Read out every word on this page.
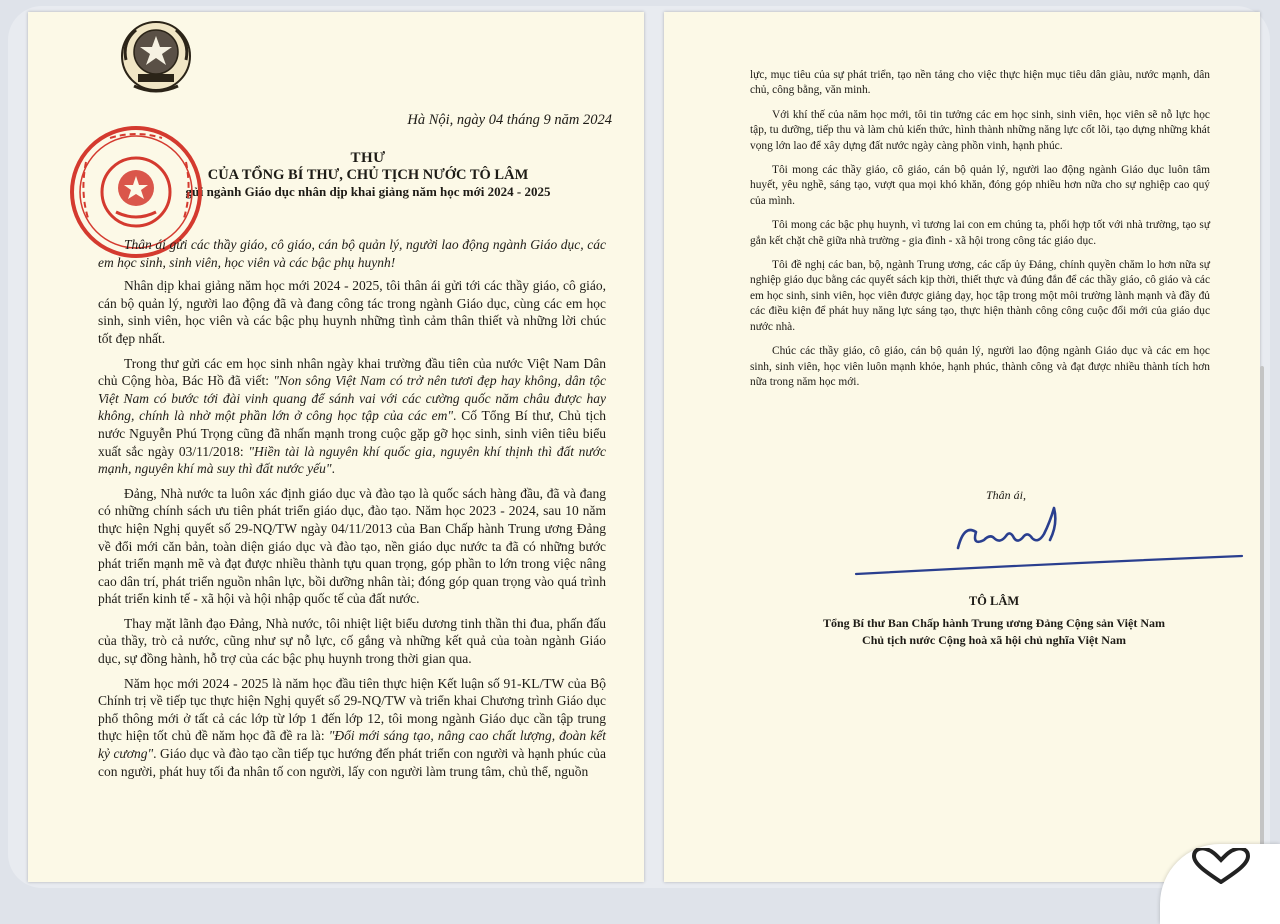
Hà Nội, ngày 04 tháng 9 năm 2024

THƯ
CỦA TỔNG BÍ THƯ, CHỦ TỊCH NƯỚC TÔ LÂM
gửi ngành Giáo dục nhân dịp khai giảng năm học mới 2024 - 2025

Thân ái gửi các thầy giáo, cô giáo, cán bộ quản lý, người lao động ngành Giáo dục, các em học sinh, sinh viên, học viên và các bậc phụ huynh!

Nhân dịp khai giảng năm học mới 2024 - 2025, tôi thân ái gửi tới các thầy giáo, cô giáo, cán bộ quản lý, người lao động đã và đang công tác trong ngành Giáo dục, cùng các em học sinh, sinh viên, học viên và các bậc phụ huynh những tình cảm thân thiết và những lời chúc tốt đẹp nhất.

Trong thư gửi các em học sinh nhân ngày khai trường đầu tiên của nước Việt Nam Dân chủ Cộng hòa, Bác Hồ đã viết: "Non sông Việt Nam có trở nên tươi đẹp hay không, dân tộc Việt Nam có bước tới đài vinh quang để sánh vai với các cường quốc năm châu được hay không, chính là nhờ một phần lớn ở công học tập của các em". Cố Tổng Bí thư, Chủ tịch nước Nguyễn Phú Trọng cũng đã nhấn mạnh trong cuộc gặp gỡ học sinh, sinh viên tiêu biểu xuất sắc ngày 03/11/2018: "Hiền tài là nguyên khí quốc gia, nguyên khí thịnh thì đất nước mạnh, nguyên khí mà suy thì đất nước yếu".

Đảng, Nhà nước ta luôn xác định giáo dục và đào tạo là quốc sách hàng đầu, đã và đang có những chính sách ưu tiên phát triển giáo dục, đào tạo. Năm học 2023 - 2024, sau 10 năm thực hiện Nghị quyết số 29-NQ/TW ngày 04/11/2013 của Ban Chấp hành Trung ương Đảng về đổi mới căn bản, toàn diện giáo dục và đào tạo, nền giáo dục nước ta đã có những bước phát triển mạnh mẽ và đạt được nhiều thành tựu quan trọng, góp phần to lớn trong việc nâng cao dân trí, phát triển nguồn nhân lực, bồi dưỡng nhân tài; đóng góp quan trọng vào quá trình phát triển kinh tế - xã hội và hội nhập quốc tế của đất nước.

Thay mặt lãnh đạo Đảng, Nhà nước, tôi nhiệt liệt biểu dương tinh thần thi đua, phấn đấu của thầy, trò cả nước, cũng như sự nỗ lực, cố gắng và những kết quả của toàn ngành Giáo dục, sự đồng hành, hỗ trợ của các bậc phụ huynh trong thời gian qua.

Năm học mới 2024 - 2025 là năm học đầu tiên thực hiện Kết luận số 91-KL/TW của Bộ Chính trị về tiếp tục thực hiện Nghị quyết số 29-NQ/TW và triển khai Chương trình Giáo dục phổ thông mới ở tất cả các lớp từ lớp 1 đến lớp 12, tôi mong ngành Giáo dục cần tập trung thực hiện tốt chủ đề năm học đã đề ra là: "Đổi mới sáng tạo, nâng cao chất lượng, đoàn kết kỷ cương". Giáo dục và đào tạo cần tiếp tục hướng đến phát triển con người và hạnh phúc của con người, phát huy tối đa nhân tố con người, lấy con người làm trung tâm, chủ thể, nguồn

lực, mục tiêu của sự phát triển, tạo nền tảng cho việc thực hiện mục tiêu dân giàu, nước mạnh, dân chủ, công bằng, văn minh.

Với khí thế của năm học mới, tôi tin tưởng các em học sinh, sinh viên, học viên sẽ nỗ lực học tập, tu dưỡng, tiếp thu và làm chủ kiến thức, hình thành những năng lực cốt lõi, tạo dựng những khát vọng lớn lao để xây dựng đất nước ngày càng phồn vinh, hạnh phúc.

Tôi mong các thầy giáo, cô giáo, cán bộ quản lý, người lao động ngành Giáo dục luôn tâm huyết, yêu nghề, sáng tạo, vượt qua mọi khó khăn, đóng góp nhiều hơn nữa cho sự nghiệp cao quý của mình.

Tôi mong các bậc phụ huynh, vì tương lai con em chúng ta, phối hợp tốt với nhà trường, tạo sự gắn kết chặt chẽ giữa nhà trường - gia đình - xã hội trong công tác giáo dục.

Tôi đề nghị các ban, bộ, ngành Trung ương, các cấp ủy Đảng, chính quyền chăm lo hơn nữa sự nghiệp giáo dục bằng các quyết sách kịp thời, thiết thực và đúng đắn để các thầy giáo, cô giáo và các em học sinh, sinh viên, học viên được giảng dạy, học tập trong một môi trường lành mạnh và đầy đủ các điều kiện để phát huy năng lực sáng tạo, thực hiện thành công công cuộc đổi mới của giáo dục nước nhà.

Chúc các thầy giáo, cô giáo, cán bộ quản lý, người lao động ngành Giáo dục và các em học sinh, sinh viên, học viên luôn mạnh khỏe, hạnh phúc, thành công và đạt được nhiều thành tích hơn nữa trong năm học mới.

Thân ái,

TÔ LÂM

Tổng Bí thư Ban Chấp hành Trung ương Đảng Cộng sản Việt Nam

Chủ tịch nước Cộng hoà xã hội chủ nghĩa Việt Nam
